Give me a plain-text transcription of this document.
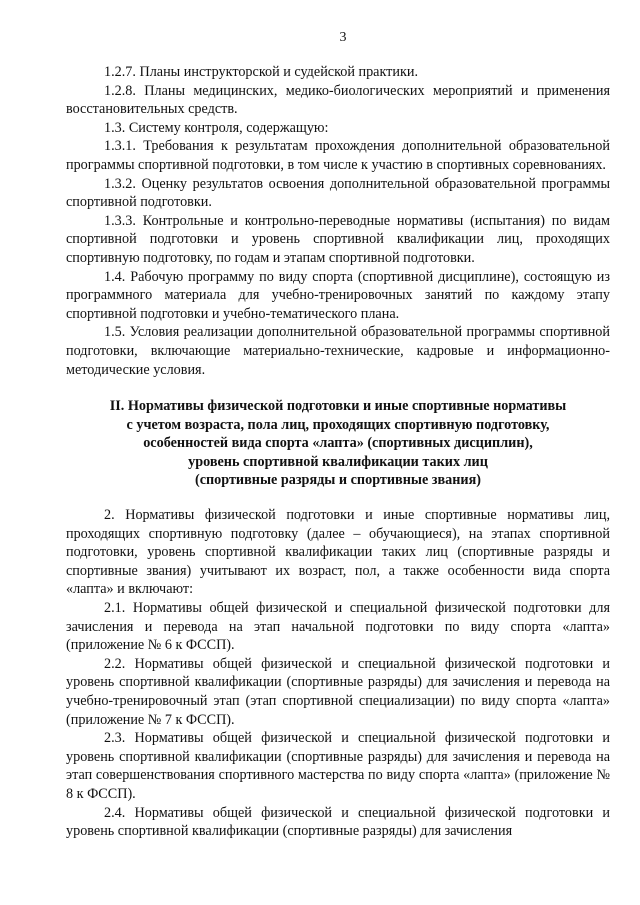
3

1.2.7. Планы инструкторской и судейской практики.

1.2.8. Планы медицинских, медико-биологических мероприятий и применения восстановительных средств.

1.3. Систему контроля, содержащую:

1.3.1. Требования к результатам прохождения дополнительной образовательной программы спортивной подготовки, в том числе к участию в спортивных соревнованиях.

1.3.2. Оценку результатов освоения дополнительной образовательной программы спортивной подготовки.

1.3.3. Контрольные и контрольно-переводные нормативы (испытания) по видам спортивной подготовки и уровень спортивной квалификации лиц, проходящих спортивную подготовку, по годам и этапам спортивной подготовки.

1.4. Рабочую программу по виду спорта (спортивной дисциплине), состоящую из программного материала для учебно-тренировочных занятий по каждому этапу спортивной подготовки и учебно-тематического плана.

1.5. Условия реализации дополнительной образовательной программы спортивной подготовки, включающие материально-технические, кадровые и информационно-методические условия.

II. Нормативы физической подготовки и иные спортивные нормативы
с учетом возраста, пола лиц, проходящих спортивную подготовку,
особенностей вида спорта «лапта» (спортивных дисциплин),
уровень спортивной квалификации таких лиц
(спортивные разряды и спортивные звания)

2. Нормативы физической подготовки и иные спортивные нормативы лиц, проходящих спортивную подготовку (далее – обучающиеся), на этапах спортивной подготовки, уровень спортивной квалификации таких лиц (спортивные разряды и спортивные звания) учитывают их возраст, пол, а также особенности вида спорта «лапта» и включают:

2.1. Нормативы общей физической и специальной физической подготовки для зачисления и перевода на этап начальной подготовки по виду спорта «лапта» (приложение № 6 к ФССП).

2.2. Нормативы общей физической и специальной физической подготовки и уровень спортивной квалификации (спортивные разряды) для зачисления и перевода на учебно-тренировочный этап (этап спортивной специализации) по виду спорта «лапта» (приложение № 7 к ФССП).

2.3. Нормативы общей физической и специальной физической подготовки и уровень спортивной квалификации (спортивные разряды) для зачисления и перевода на этап совершенствования спортивного мастерства по виду спорта «лапта» (приложение № 8 к ФССП).

2.4. Нормативы общей физической и специальной физической подготовки и уровень спортивной квалификации (спортивные разряды) для зачисления
